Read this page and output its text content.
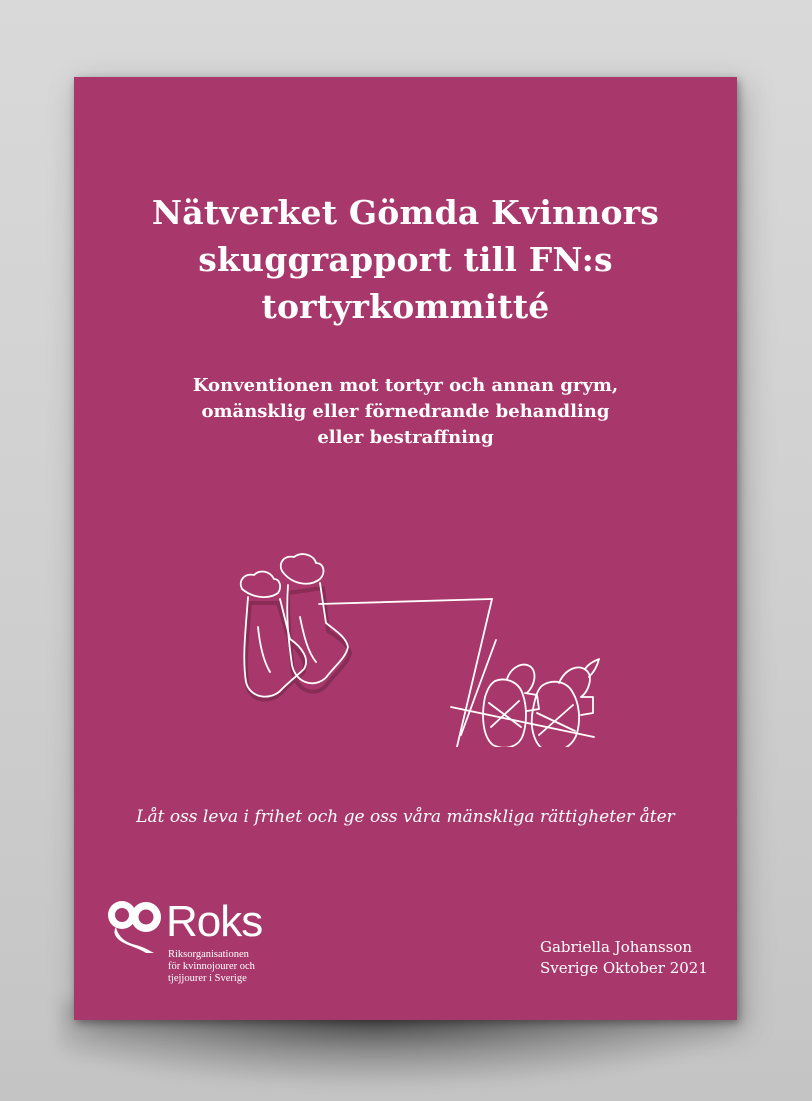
Nätverket Gömda Kvinnors
skuggrapport till FN:s
tortyrkommitté
Konventionen mot tortyr och annan grym,
omänsklig eller förnedrande behandling
eller bestraffning
Låt oss leva i frihet och ge oss våra mänskliga rättigheter åter
Roks
Riksorganisationen
för kvinnojourer och
tjejjourer i Sverige
Gabriella Johansson
Sverige Oktober 2021
